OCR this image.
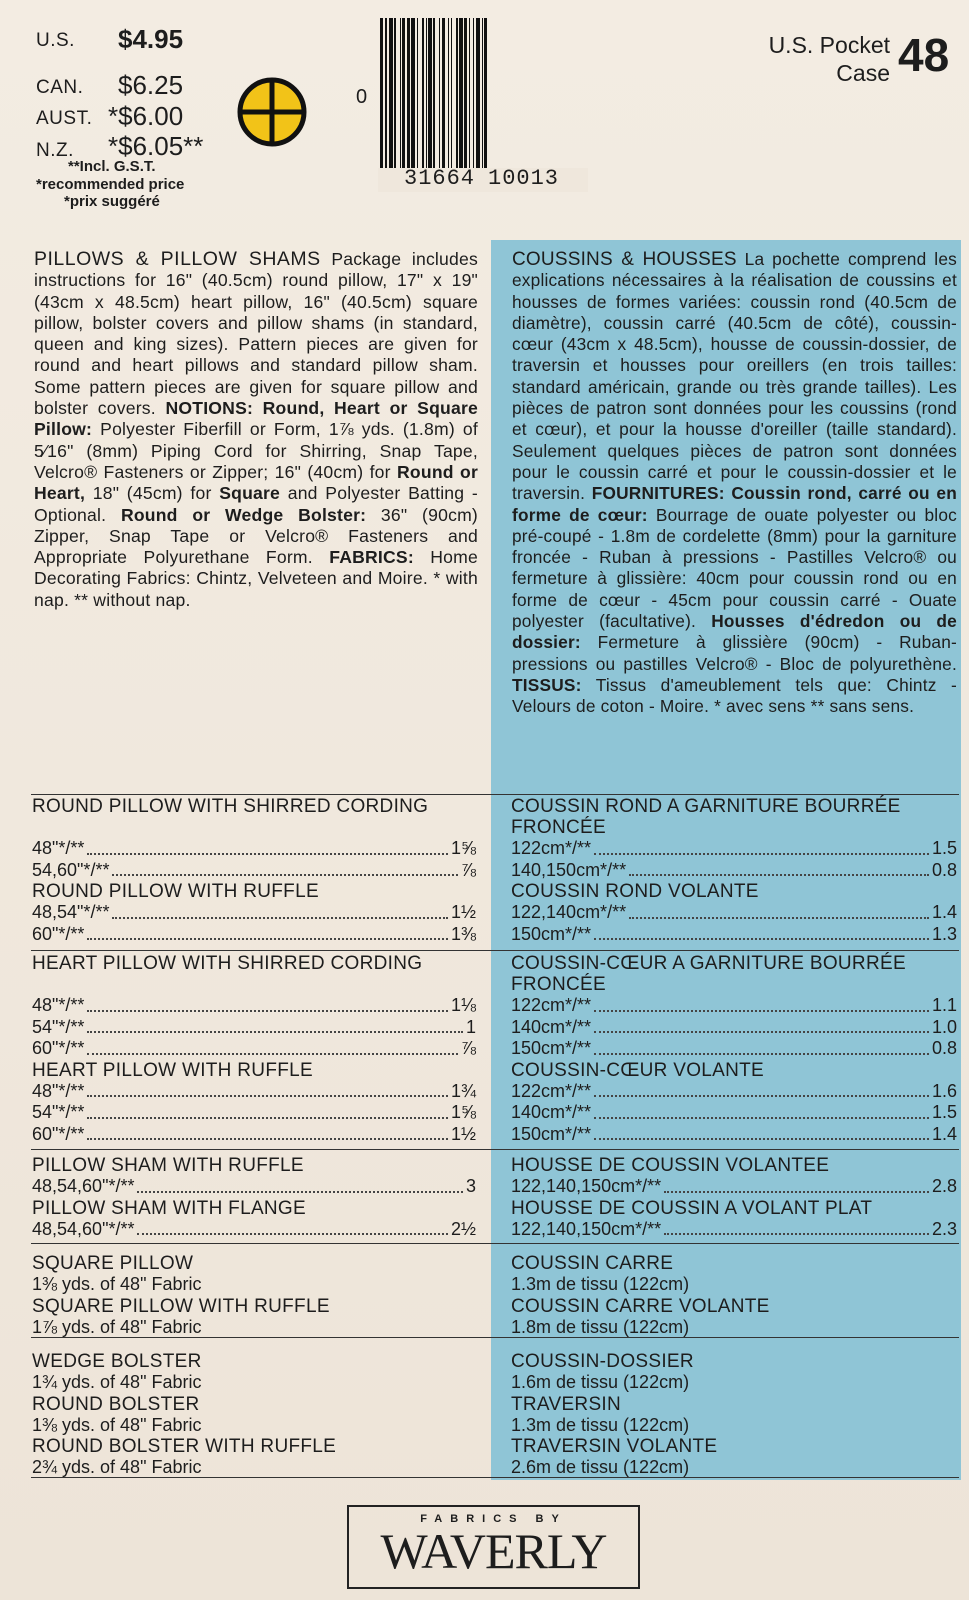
U.S. $4.95
CAN. $6.25
AUST. *$6.00
N.Z. *$6.05**
**Incl. G.S.T.
*recommended price
*prix suggéré
0
31664 10013
U.S. Pocket
Case 48
PILLOWS & PILLOW SHAMS Package includes instructions for 16" (40.5cm) round pillow, 17" x 19" (43cm x 48.5cm) heart pillow, 16" (40.5cm) square pillow, bolster covers and pillow shams (in standard, queen and king sizes). Pattern pieces are given for round and heart pillows and standard pillow sham. Some pattern pieces are given for square pillow and bolster covers. NOTIONS: Round, Heart or Square Pillow: Polyester Fiberfill or Form, 1⅞ yds. (1.8m) of 5⁄16" (8mm) Piping Cord for Shirring, Snap Tape, Velcro® Fasteners or Zipper; 16" (40cm) for Round or Heart, 18" (45cm) for Square and Polyester Batting - Optional. Round or Wedge Bolster: 36" (90cm) Zipper, Snap Tape or Velcro® Fasteners and Appropriate Polyurethane Form. FABRICS: Home Decorating Fabrics: Chintz, Velveteen and Moire. * with nap. ** without nap.
COUSSINS & HOUSSES La pochette comprend les explications nécessaires à la réalisation de coussins et housses de formes variées: coussin rond (40.5cm de diamètre), coussin carré (40.5cm de côté), coussin-cœur (43cm x 48.5cm), housse de coussin-dossier, de traversin et housses pour oreillers (en trois tailles: standard américain, grande ou très grande tailles). Les pièces de patron sont données pour les coussins (rond et cœur), et pour la housse d'oreiller (taille standard). Seulement quelques pièces de patron sont données pour le coussin carré et pour le coussin-dossier et le traversin. FOURNITURES: Coussin rond, carré ou en forme de cœur: Bourrage de ouate polyester ou bloc pré-coupé - 1.8m de cordelette (8mm) pour la garniture froncée - Ruban à pressions - Pastilles Velcro® ou fermeture à glissière: 40cm pour coussin rond ou en forme de cœur - 45cm pour coussin carré - Ouate polyester (facultative). Housses d'édredon ou de dossier: Fermeture à glissière (90cm) - Ruban-pressions ou pastilles Velcro® - Bloc de polyurethène. TISSUS: Tissus d'ameublement tels que: Chintz - Velours de coton - Moire. * avec sens ** sans sens.
ROUND PILLOW WITH SHIRRED CORDING
48"*/**	1⅝
54,60"*/**	⅞
ROUND PILLOW WITH RUFFLE
48,54"*/**	1½
60"*/**	1⅜
HEART PILLOW WITH SHIRRED CORDING
48"*/**	1⅛
54"*/**	1
60"*/**	⅞
HEART PILLOW WITH RUFFLE
48"*/**	1¾
54"*/**	1⅝
60"*/**	1½
PILLOW SHAM WITH RUFFLE
48,54,60"*/**	3
PILLOW SHAM WITH FLANGE
48,54,60"*/**	2½
SQUARE PILLOW
1⅜ yds. of 48" Fabric
SQUARE PILLOW WITH RUFFLE
1⅞ yds. of 48" Fabric
WEDGE BOLSTER
1¾ yds. of 48" Fabric
ROUND BOLSTER
1⅜ yds. of 48" Fabric
ROUND BOLSTER WITH RUFFLE
2¾ yds. of 48" Fabric
COUSSIN ROND A GARNITURE BOURRÉE
FRONCÉE
122cm*/**	1.5
140,150cm*/**	0.8
COUSSIN ROND VOLANTE
122,140cm*/**	1.4
150cm*/**	1.3
COUSSIN-CŒUR A GARNITURE BOURRÉE
FRONCÉE
122cm*/**	1.1
140cm*/**	1.0
150cm*/**	0.8
COUSSIN-CŒUR VOLANTE
122cm*/**	1.6
140cm*/**	1.5
150cm*/**	1.4
HOUSSE DE COUSSIN VOLANTEE
122,140,150cm*/**	2.8
HOUSSE DE COUSSIN A VOLANT PLAT
122,140,150cm*/**	2.3
COUSSIN CARRE
1.3m de tissu (122cm)
COUSSIN CARRE VOLANTE
1.8m de tissu (122cm)
COUSSIN-DOSSIER
1.6m de tissu (122cm)
TRAVERSIN
1.3m de tissu (122cm)
TRAVERSIN VOLANTE
2.6m de tissu (122cm)
FABRICS BY
WAVERLY
